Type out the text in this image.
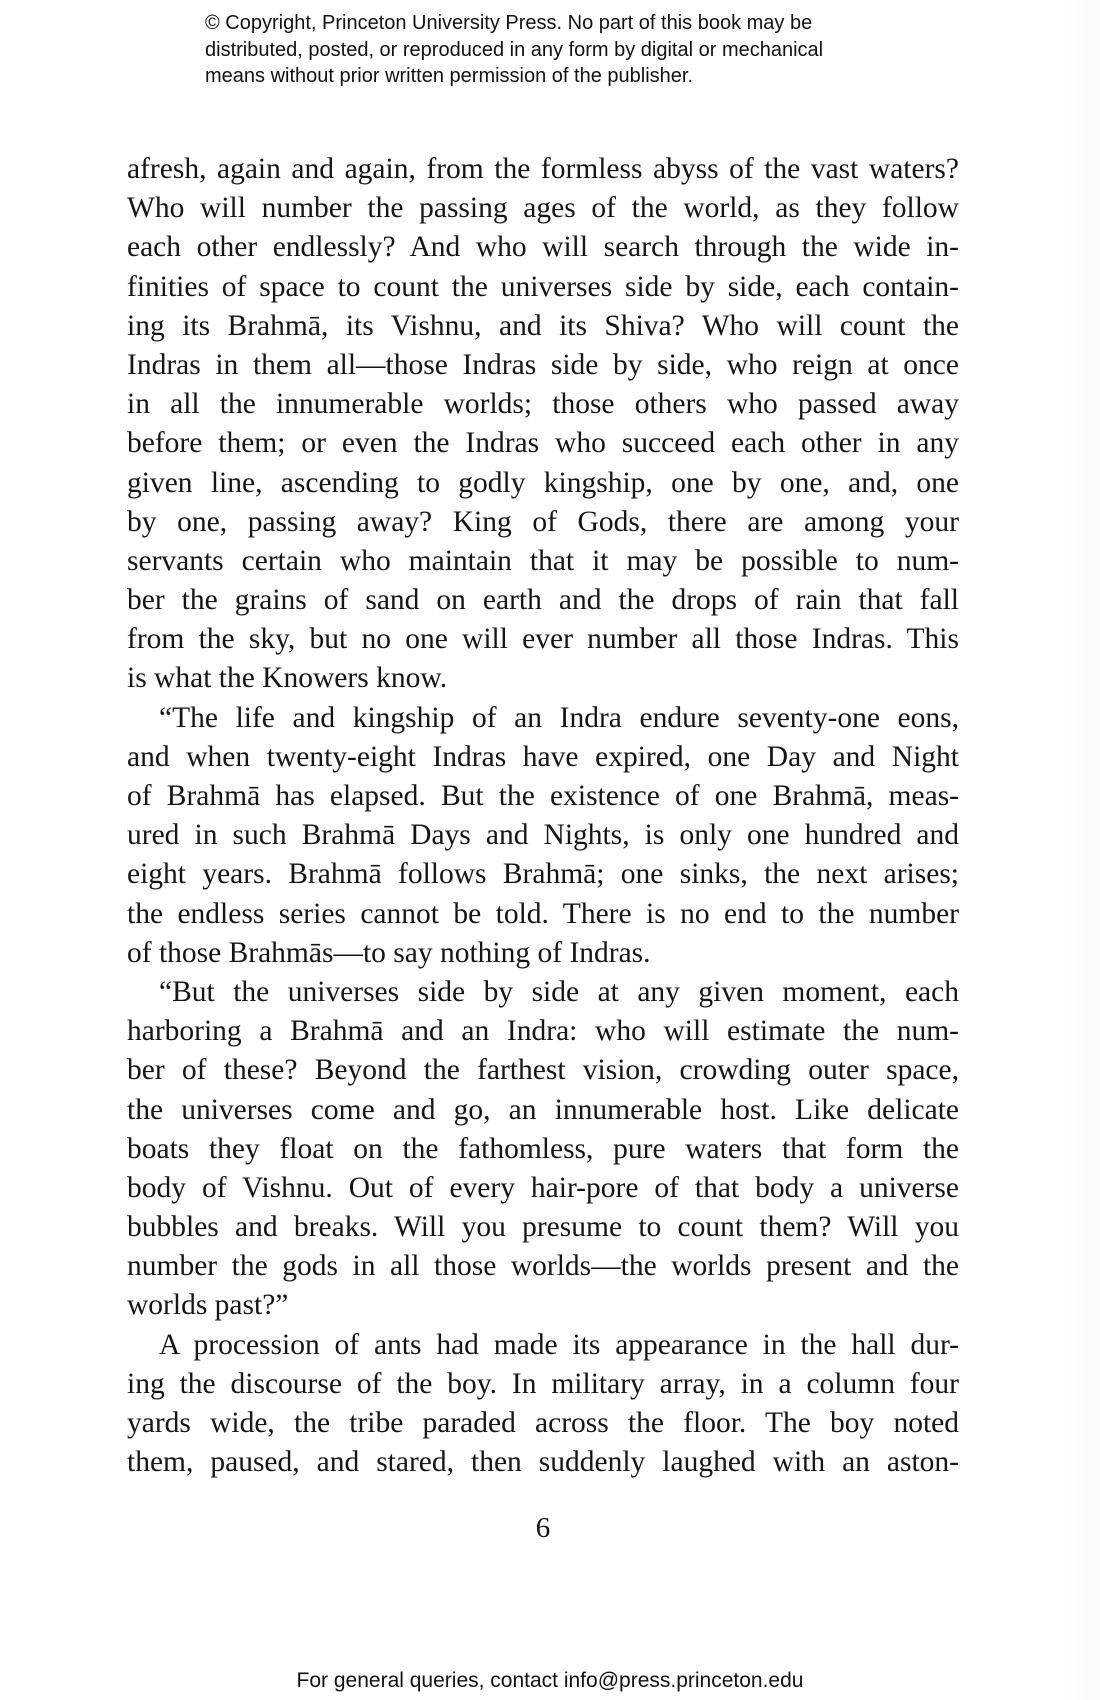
© Copyright, Princeton University Press. No part of this book may be
distributed, posted, or reproduced in any form by digital or mechanical
means without prior written permission of the publisher.
afresh, again and again, from the formless abyss of the vast waters?
Who will number the passing ages of the world, as they follow
each other endlessly? And who will search through the wide in-
finities of space to count the universes side by side, each contain-
ing its Brahmā, its Vishnu, and its Shiva? Who will count the
Indras in them all—those Indras side by side, who reign at once
in all the innumerable worlds; those others who passed away
before them; or even the Indras who succeed each other in any
given line, ascending to godly kingship, one by one, and, one
by one, passing away? King of Gods, there are among your
servants certain who maintain that it may be possible to num-
ber the grains of sand on earth and the drops of rain that fall
from the sky, but no one will ever number all those Indras. This
is what the Knowers know.
“The life and kingship of an Indra endure seventy-one eons,
and when twenty-eight Indras have expired, one Day and Night
of Brahmā has elapsed. But the existence of one Brahmā, meas-
ured in such Brahmā Days and Nights, is only one hundred and
eight years. Brahmā follows Brahmā; one sinks, the next arises;
the endless series cannot be told. There is no end to the number
of those Brahmās—to say nothing of Indras.
“But the universes side by side at any given moment, each
harboring a Brahmā and an Indra: who will estimate the num-
ber of these? Beyond the farthest vision, crowding outer space,
the universes come and go, an innumerable host. Like delicate
boats they float on the fathomless, pure waters that form the
body of Vishnu. Out of every hair-pore of that body a universe
bubbles and breaks. Will you presume to count them? Will you
number the gods in all those worlds—the worlds present and the
worlds past?”
A procession of ants had made its appearance in the hall dur-
ing the discourse of the boy. In military array, in a column four
yards wide, the tribe paraded across the floor. The boy noted
them, paused, and stared, then suddenly laughed with an aston-
6
For general queries, contact info@press.princeton.edu
